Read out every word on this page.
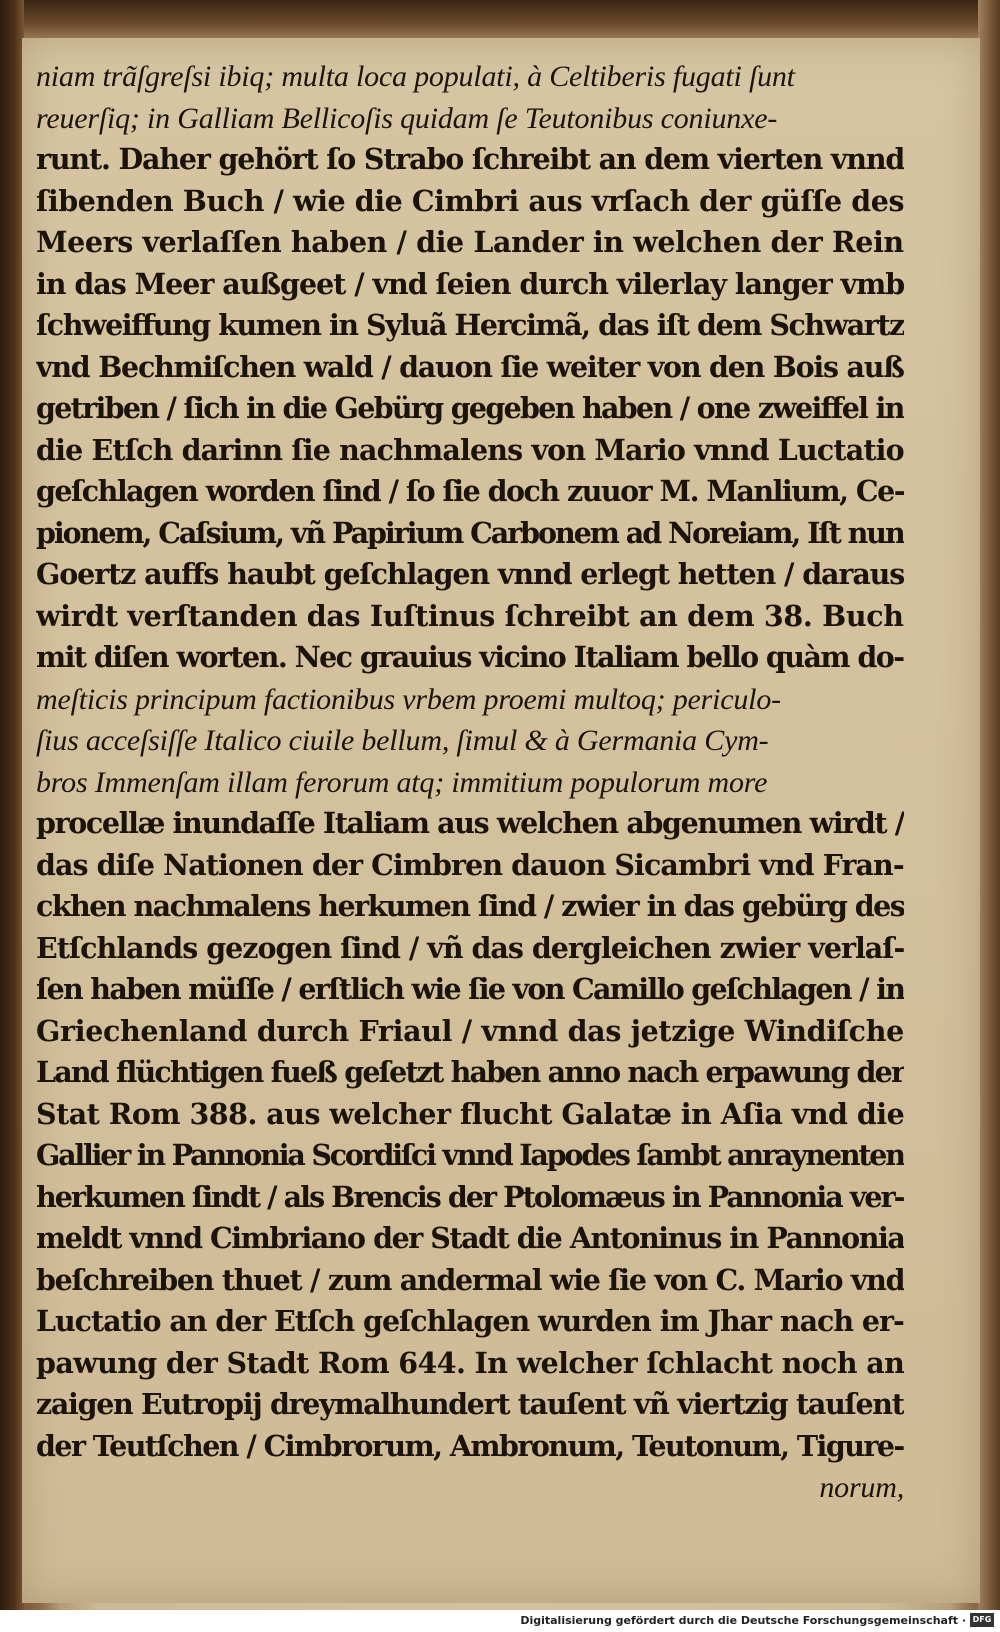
niam trãſgreſsi ibiq; multa loca populati, à Celtiberis fugati ſunt
reuerſiq; in Galliam Bellicoſis quidam ſe Teutonibus coniunxe-
runt. Daher gehört ſo Strabo ſchreibt an dem vierten vnnd
ſibenden Buch / wie die Cimbri aus vrſach der güſſe des
Meers verlaſſen haben / die Lander in welchen der Rein
in das Meer außgeet / vnd ſeien durch vilerlay langer vmb
ſchweiffung kumen in Syluã Hercimã, das iſt dem Schwartz
vnd Bechmiſchen wald / dauon ſie weiter von den Bois auß
getriben / ſich in die Gebürg gegeben haben / one zweiffel in
die Etſch darinn ſie nachmalens von Mario vnnd Luctatio
geſchlagen worden ſind / ſo ſie doch zuuor M. Manlium, Ce-
pionem, Caſsium, vñ Papirium Carbonem ad Noreiam, Iſt nun
Goertz auffs haubt geſchlagen vnnd erlegt hetten / daraus
wirdt verſtanden das Iuſtinus ſchreibt an dem 38. Buch
mit diſen worten. Nec grauius vicino Italiam bello quàm do-
meſticis principum factionibus vrbem proemi multoq; periculo-
ſius acceſsiſſe Italico ciuile bellum, ſimul & à Germania Cym-
bros Immenſam illam ferorum atq; immitium populorum more
procellæ inundaſſe Italiam aus welchen abgenumen wirdt /
das diſe Nationen der Cimbren dauon Sicambri vnd Fran-
ckhen nachmalens herkumen ſind / zwier in das gebürg des
Etſchlands gezogen ſind / vñ das dergleichen zwier verlaſ-
ſen haben müſſe / erſtlich wie ſie von Camillo geſchlagen / in
Griechenland durch Friaul / vnnd das jetzige Windiſche
Land flüchtigen fueß geſetzt haben anno nach erpawung der
Stat Rom 388. aus welcher flucht Galatæ in Aſia vnd die
Gallier in Pannonia Scordiſci vnnd Iapodes ſambt anraynenten
herkumen ſindt / als Brencis der Ptolomæus in Pannonia ver-
meldt vnnd Cimbriano der Stadt die Antoninus in Pannonia
beſchreiben thuet / zum andermal wie ſie von C. Mario vnd
Luctatio an der Etſch geſchlagen wurden im Jhar nach er-
pawung der Stadt Rom 644. In welcher ſchlacht noch an
zaigen Eutropij dreymalhundert tauſent vñ viertzig tauſent
der Teutſchen / Cimbrorum, Ambronum, Teutonum, Tigure-
norum,
Digitalisierung gefördert durch die Deutsche Forschungsgemeinschaft · DFG
